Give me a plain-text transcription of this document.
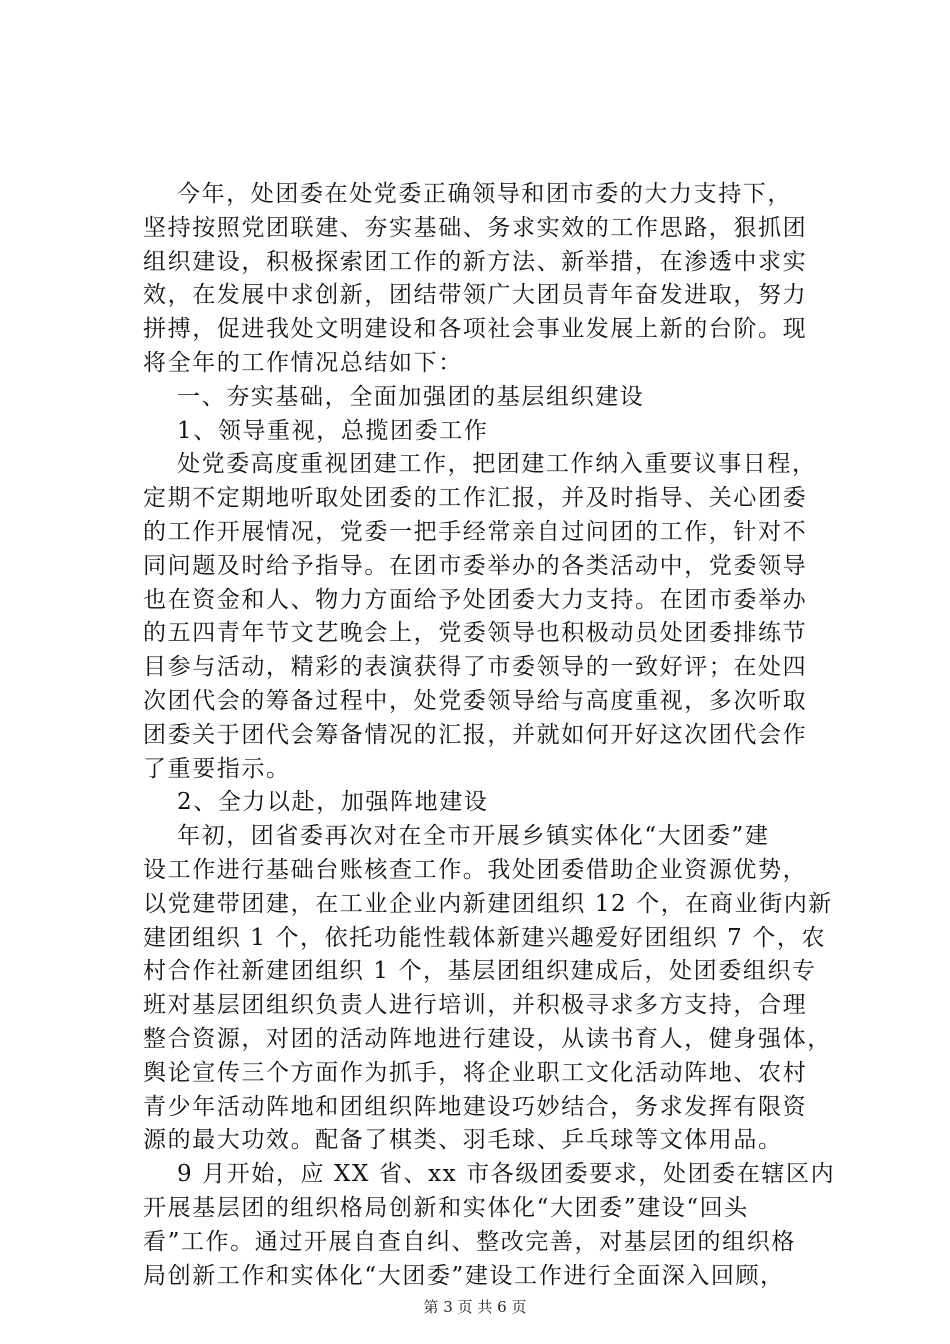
今年，处团委在处党委正确领导和团市委的大力支持下，
坚持按照党团联建、夯实基础、务求实效的工作思路，狠抓团
组织建设，积极探索团工作的新方法、新举措，在渗透中求实
效，在发展中求创新，团结带领广大团员青年奋发进取，努力
拼搏，促进我处文明建设和各项社会事业发展上新的台阶。现
将全年的工作情况总结如下：
一、夯实基础，全面加强团的基层组织建设
1、领导重视，总揽团委工作
处党委高度重视团建工作，把团建工作纳入重要议事日程，
定期不定期地听取处团委的工作汇报，并及时指导、关心团委
的工作开展情况，党委一把手经常亲自过问团的工作，针对不
同问题及时给予指导。在团市委举办的各类活动中，党委领导
也在资金和人、物力方面给予处团委大力支持。在团市委举办
的五四青年节文艺晚会上，党委领导也积极动员处团委排练节
目参与活动，精彩的表演获得了市委领导的一致好评；在处四
次团代会的筹备过程中，处党委领导给与高度重视，多次听取
团委关于团代会筹备情况的汇报，并就如何开好这次团代会作
了重要指示。
2、全力以赴，加强阵地建设
年初，团省委再次对在全市开展乡镇实体化“大团委”建
设工作进行基础台账核查工作。我处团委借助企业资源优势，
以党建带团建，在工业企业内新建团组织 12 个，在商业街内新
建团组织 1 个，依托功能性载体新建兴趣爱好团组织 7 个，农
村合作社新建团组织 1 个，基层团组织建成后，处团委组织专
班对基层团组织负责人进行培训，并积极寻求多方支持，合理
整合资源，对团的活动阵地进行建设，从读书育人，健身强体，
舆论宣传三个方面作为抓手，将企业职工文化活动阵地、农村
青少年活动阵地和团组织阵地建设巧妙结合，务求发挥有限资
源的最大功效。配备了棋类、羽毛球、乒乓球等文体用品。
9 月开始，应 XX 省、xx 市各级团委要求，处团委在辖区内
开展基层团的组织格局创新和实体化“大团委”建设“回头
看”工作。通过开展自查自纠、整改完善，对基层团的组织格
局创新工作和实体化“大团委”建设工作进行全面深入回顾，
第 3 页 共 6 页
